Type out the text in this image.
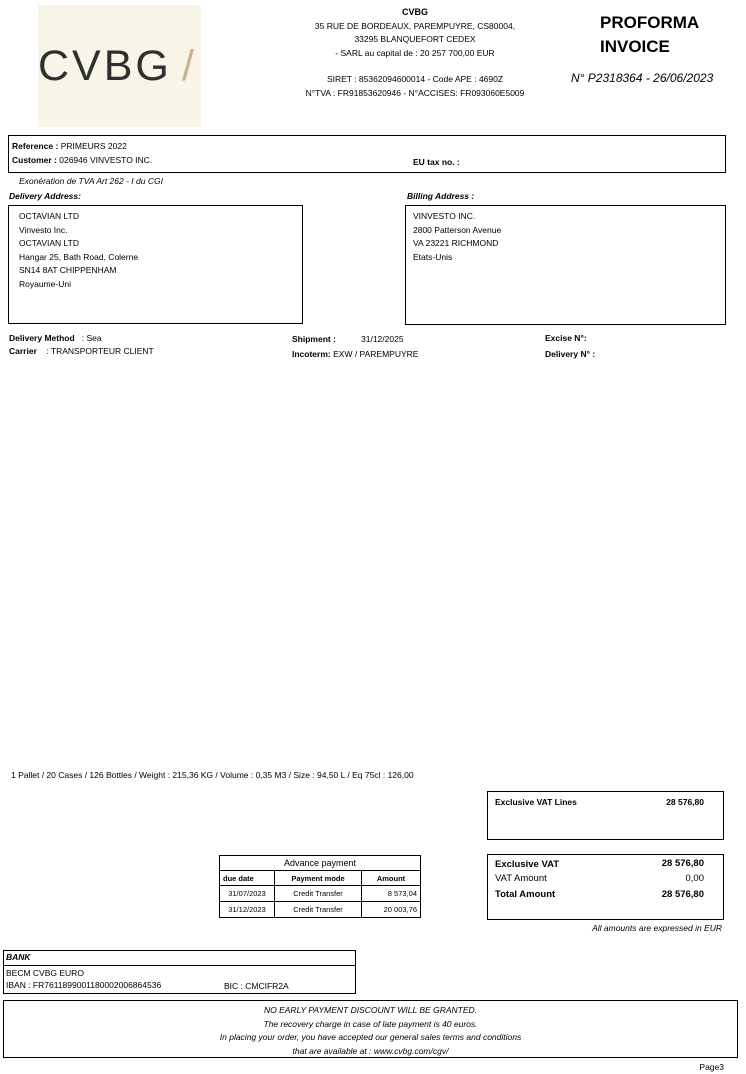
CVBG /
CVBG
35 RUE DE BORDEAUX, PAREMPUYRE, CS80004,
33295 BLANQUEFORT CEDEX
- SARL au capital de : 20 257 700,00 EUR
SIRET : 85362094600014 - Code APE : 4690Z
N°TVA : FR91853620946 - N°ACCISES: FR093060E5009
PROFORMA
INVOICE
N° P2318364 - 26/06/2023
Reference : PRIMEURS 2022
Customer : 026946 VINVESTO INC.	EU tax no. :
Exonération de TVA Art 262 - I du CGI
Delivery Address:
OCTAVIAN LTD
Vinvesto Inc.
OCTAVIAN LTD
Hangar 25, Bath Road, Colerne
SN14 8AT CHIPPENHAM
Royaume-Uni
Billing Address :
VINVESTO INC.
2800 Patterson Avenue
VA 23221 RICHMOND
Etats-Unis
Delivery Method : Sea
Carrier : TRANSPORTEUR CLIENT
Shipment :	31/12/2025
Incoterm: EXW / PAREMPUYRE
Excise N°:
Delivery N° :
1 Pallet / 20 Cases / 126 Bottles / Weight : 215,36 KG / Volume : 0,35 M3 / Size : 94,50 L / Eq 75cl : 126,00
Exclusive VAT Lines	28 576,80
Advance payment		
due date	Payment mode	Amount
31/07/2023	Credit Transfer	8 573,04
31/12/2023	Credit Transfer	20 003,76
Exclusive VAT	28 576,80
VAT Amount	0,00
Total Amount	28 576,80
All amounts are expressed in EUR
BANK
BECM CVBG EURO
IBAN : FR7611899001180002006864536	BIC : CMCIFR2A
NO EARLY PAYMENT DISCOUNT WILL BE GRANTED.
The recovery charge in case of late payment is 40 euros.
In placing your order, you have accepted our general sales terms and conditions
that are available at : www.cvbg.com/cgv/
Page3
